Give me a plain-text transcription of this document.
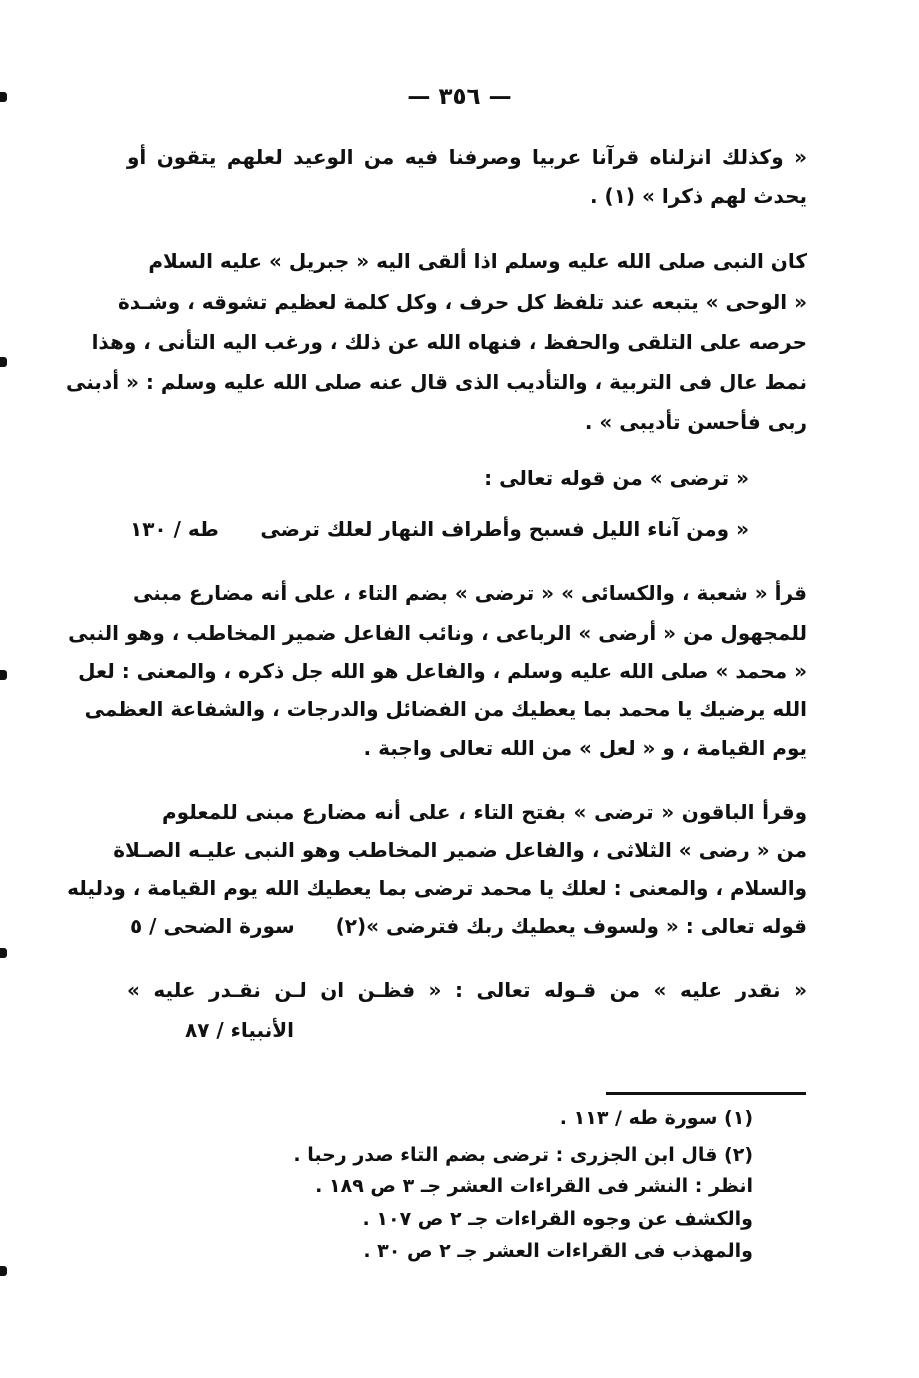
— ٣٥٦ —
« وكذلك انزلناه قرآنا عربيا وصرفنا فيه من الوعيد لعلهم يتقون أو
يحدث لهم ذكرا » (١) .
كان النبى صلى الله عليه وسلم اذا ألقى اليه « جبريل » عليه السلام
« الوحى » يتبعه عند تلفظ كل حرف ، وكل كلمة لعظيم تشوقه ، وشـدة
حرصه على التلقى والحفظ ، فنهاه الله عن ذلك ، ورغب اليه التأنى ، وهذا
نمط عال فى التربية ، والتأديب الذى قال عنه صلى الله عليه وسلم : « أدبنى
ربى فأحسن تأديبى » .
« ترضى » من قوله تعالى :
« ومن آناء الليل فسبح وأطراف النهار لعلك ترضى
طه / ١٣٠
قرأ « شعبة ، والكسائى » « ترضى » بضم التاء ، على أنه مضارع مبنى
للمجهول من « أرضى » الرباعى ، ونائب الفاعل ضمير المخاطب ، وهو النبى
« محمد » صلى الله عليه وسلم ، والفاعل هو الله جل ذكره ، والمعنى : لعل
الله يرضيك يا محمد بما يعطيك من الفضائل والدرجات ، والشفاعة العظمى
يوم القيامة ، و « لعل » من الله تعالى واجبة .
وقرأ الباقون « ترضى » بفتح التاء ، على أنه مضارع مبنى للمعلوم
من « رضى » الثلاثى ، والفاعل ضمير المخاطب وهو النبى عليـه الصـلاة
والسلام ، والمعنى : لعلك يا محمد ترضى بما يعطيك الله يوم القيامة ، ودليله
قوله تعالى : « ولسوف يعطيك ربك فترضى »(٢)
سورة الضحى / ٥
« نقدر عليه » من قـوله تعالى : « فظـن ان لـن نقـدر عليه »
الأنبياء / ٨٧
(١) سورة طه / ١١٣ .
(٢) قال ابن الجزرى : ترضى بضم التاء صدر رحبا .
انظر : النشر فى القراءات العشر جـ ٣ ص ١٨٩ .
والكشف عن وجوه القراءات جـ ٢ ص ١٠٧ .
والمهذب فى القراءات العشر جـ ٢ ص ٣٠ .
